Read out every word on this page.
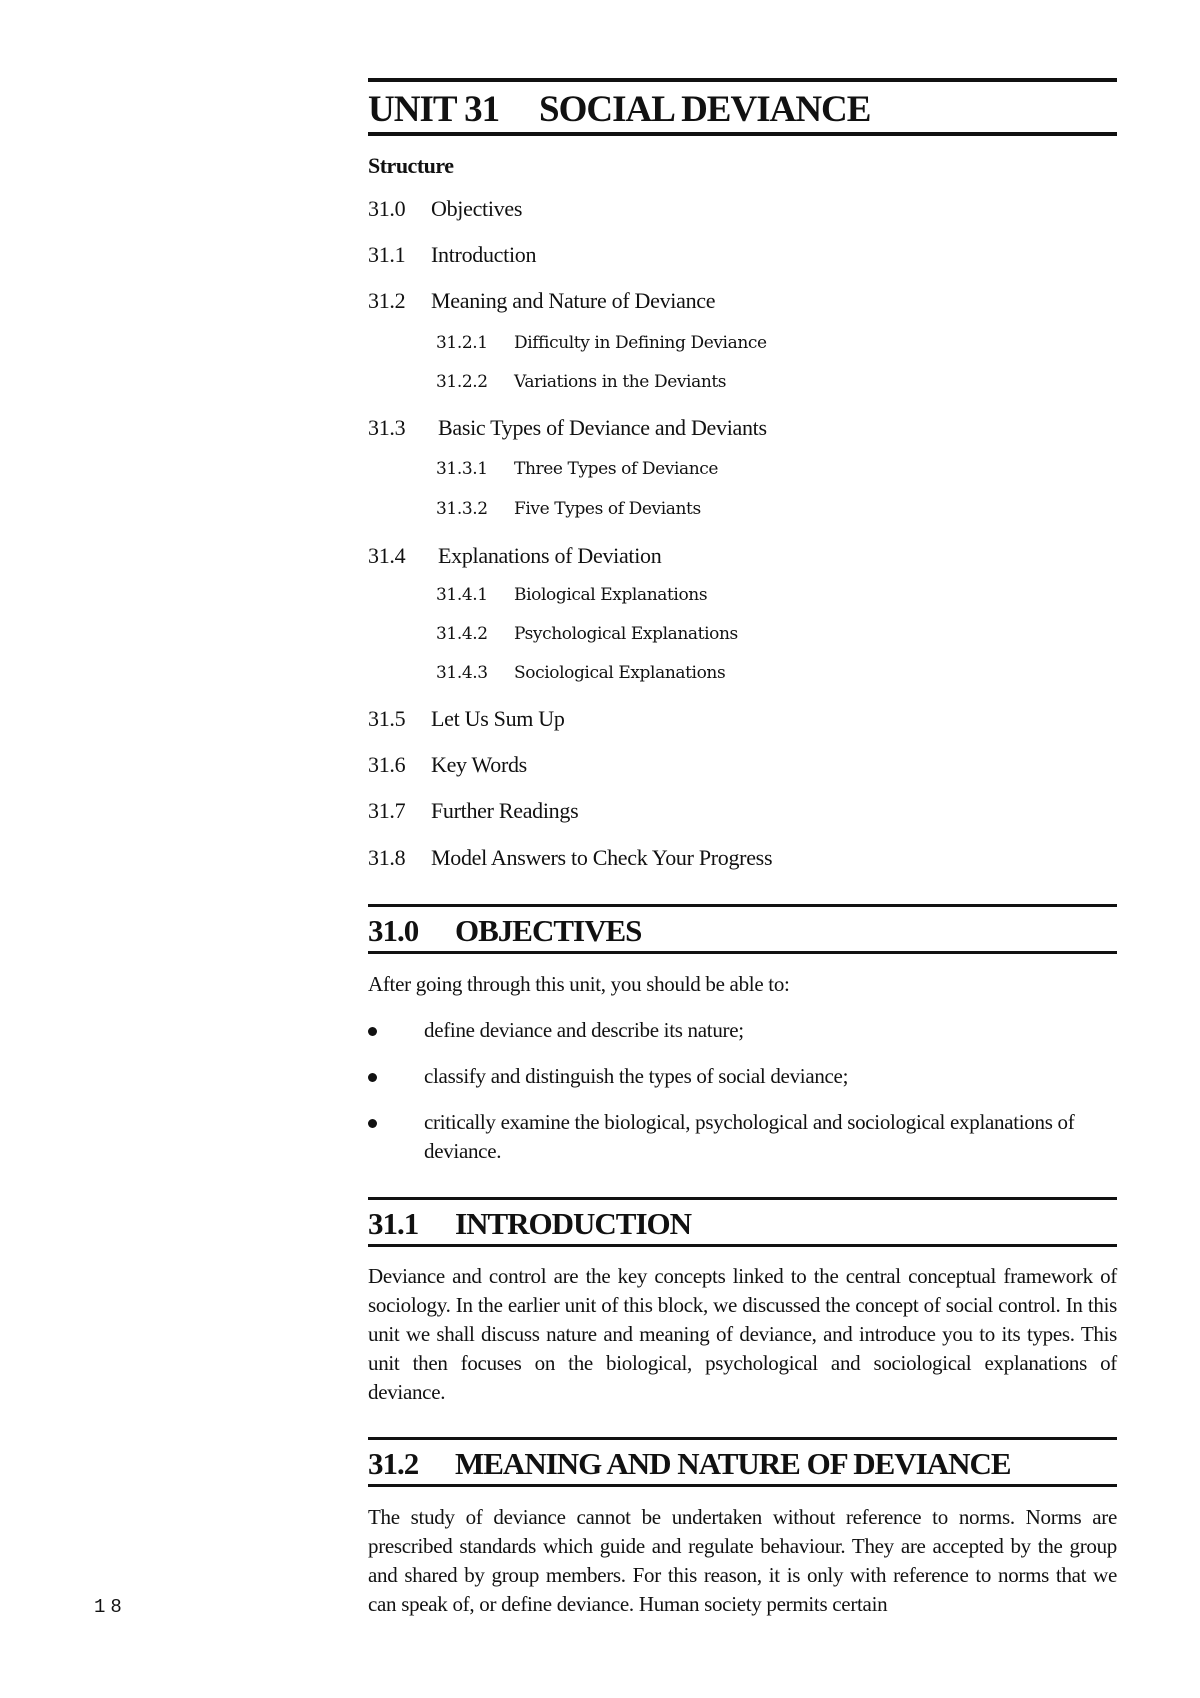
UNIT 31 SOCIAL DEVIANCE
Structure
31.0 Objectives
31.1 Introduction
31.2 Meaning and Nature of Deviance
31.2.1 Difficulty in Defining Deviance
31.2.2 Variations in the Deviants
31.3 Basic Types of Deviance and Deviants
31.3.1 Three Types of Deviance
31.3.2 Five Types of Deviants
31.4 Explanations of Deviation
31.4.1 Biological Explanations
31.4.2 Psychological Explanations
31.4.3 Sociological Explanations
31.5 Let Us Sum Up
31.6 Key Words
31.7 Further Readings
31.8 Model Answers to Check Your Progress
31.0 OBJECTIVES
After going through this unit, you should be able to:
define deviance and describe its nature;
classify and distinguish the types of social deviance;
critically examine the biological, psychological and sociological explanations of deviance.
31.1 INTRODUCTION
Deviance and control are the key concepts linked to the central conceptual framework of sociology. In the earlier unit of this block, we discussed the concept of social control. In this unit we shall discuss nature and meaning of deviance, and introduce you to its types. This unit then focuses on the biological, psychological and sociological explanations of deviance.
31.2 MEANING AND NATURE OF DEVIANCE
The study of deviance cannot be undertaken without reference to norms. Norms are prescribed standards which guide and regulate behaviour. They are accepted by the group and shared by group members. For this reason, it is only with reference to norms that we can speak of, or define deviance. Human society permits certain
18
